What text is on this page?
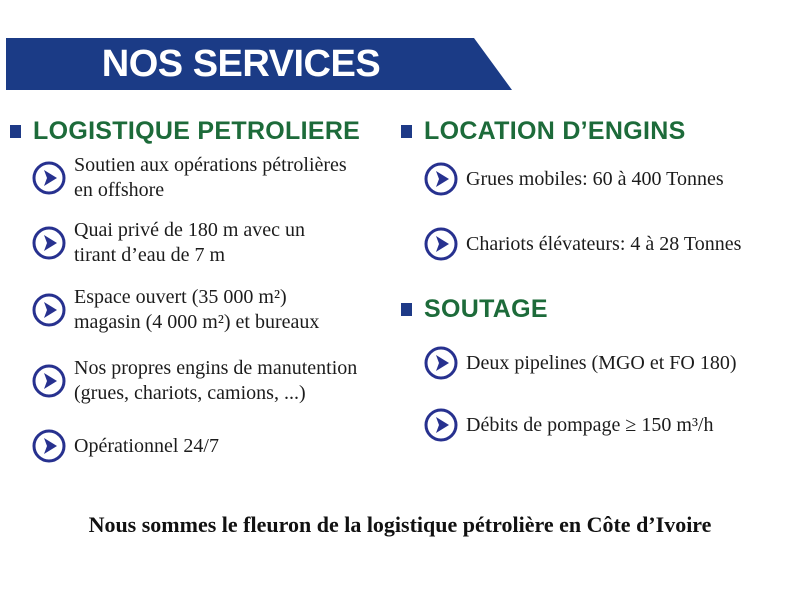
NOS SERVICES
LOGISTIQUE PETROLIERE
Soutien aux opérations pétrolières
en offshore
Quai privé de 180 m avec un
tirant d’eau de 7 m
Espace ouvert (35 000 m²)
magasin (4 000 m²) et bureaux
Nos propres engins de manutention
(grues, chariots, camions, ...)
Opérationnel 24/7
LOCATION D’ENGINS
Grues mobiles: 60 à 400 Tonnes
Chariots élévateurs: 4 à 28 Tonnes
SOUTAGE
Deux pipelines (MGO et FO 180)
Débits de pompage ≥ 150 m³/h
Nous sommes le fleuron de la logistique pétrolière en Côte d’Ivoire
